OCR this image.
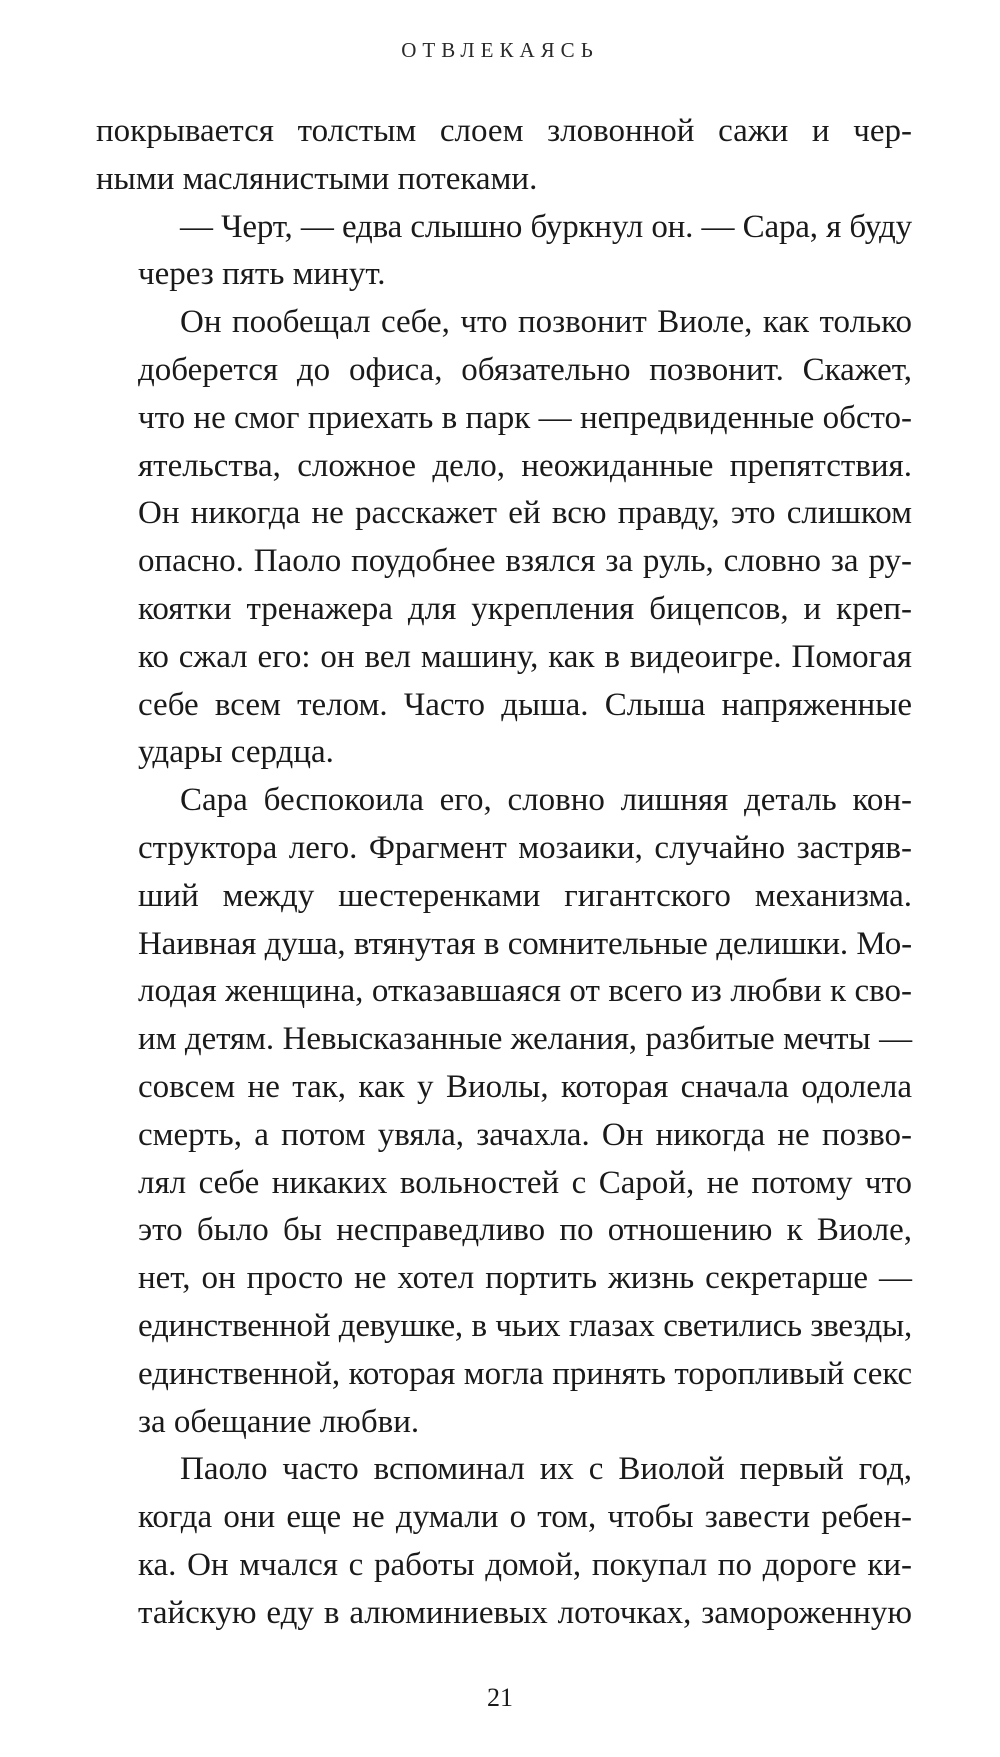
ОТВЛЕКАЯСЬ
покрывается толстым слоем зловонной сажи и чер-
ными маслянистыми потеками.
— Черт, — едва слышно буркнул он. — Сара, я буду
через пять минут.
Он пообещал себе, что позвонит Виоле, как только
доберется до офиса, обязательно позвонит. Скажет,
что не смог приехать в парк — непредвиденные обсто-
ятельства, сложное дело, неожиданные препятствия.
Он никогда не расскажет ей всю правду, это слишком
опасно. Паоло поудобнее взялся за руль, словно за ру-
коятки тренажера для укрепления бицепсов, и креп-
ко сжал его: он вел машину, как в видеоигре. Помогая
себе всем телом. Часто дыша. Слыша напряженные
удары сердца.
Сара беспокоила его, словно лишняя деталь кон-
структора лего. Фрагмент мозаики, случайно застряв-
ший между шестеренками гигантского механизма.
Наивная душа, втянутая в сомнительные делишки. Мо-
лодая женщина, отказавшаяся от всего из любви к сво-
им детям. Невысказанные желания, разбитые мечты —
совсем не так, как у Виолы, которая сначала одолела
смерть, а потом увяла, зачахла. Он никогда не позво-
лял себе никаких вольностей с Сарой, не потому что
это было бы несправедливо по отношению к Виоле,
нет, он просто не хотел портить жизнь секретарше —
единственной девушке, в чьих глазах светились звезды,
единственной, которая могла принять торопливый секс
за обещание любви.
Паоло часто вспоминал их с Виолой первый год,
когда они еще не думали о том, чтобы завести ребен-
ка. Он мчался с работы домой, покупал по дороге ки-
тайскую еду в алюминиевых лоточках, замороженную
21
